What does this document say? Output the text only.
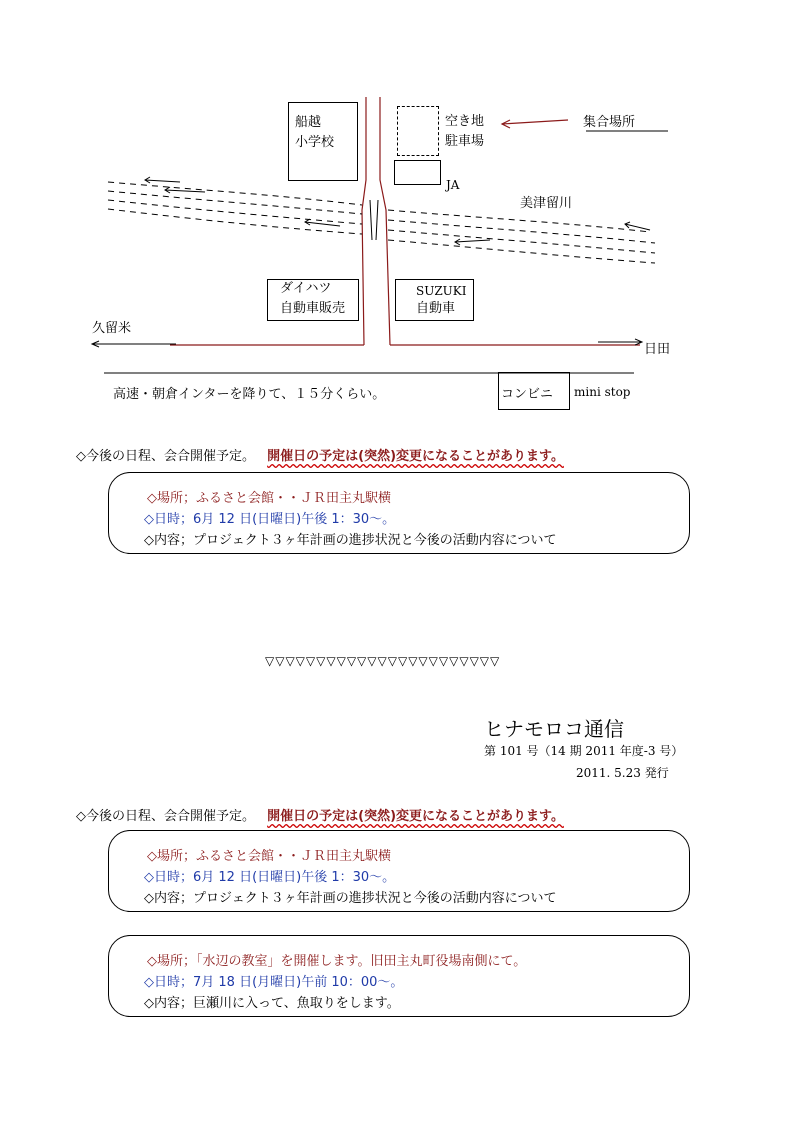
船越
小学校
空き地
駐車場
集合場所
JA
美津留川
ダイハツ
自動車販売
SUZUKI
自動車
久留米
日田
高速・朝倉インターを降りて、１５分くらい。	コンビニ mini stop
◇今後の日程、会合開催予定。 開催日の予定は(突然)変更になることがあります。
◇場所；ふるさと会館・・ＪＲ田主丸駅横
◇日時；6月 12 日(日曜日)午後 1：30～。
◇内容；プロジェクト３ヶ年計画の進捗状況と今後の活動内容について
▽▽▽▽▽▽▽▽▽▽▽▽▽▽▽▽▽▽▽▽▽▽▽
ヒナモロコ通信
第 101 号（14 期 2011 年度-3 号）
2011. 5.23 発行
◇今後の日程、会合開催予定。 開催日の予定は(突然)変更になることがあります。
◇場所；ふるさと会館・・ＪＲ田主丸駅横
◇日時；6月 12 日(日曜日)午後 1：30～。
◇内容；プロジェクト３ヶ年計画の進捗状況と今後の活動内容について
◇場所；「水辺の教室」を開催します。旧田主丸町役場南側にて。
◇日時；7月 18 日(月曜日)午前 10：00～。
◇内容；巨瀬川に入って、魚取りをします。
